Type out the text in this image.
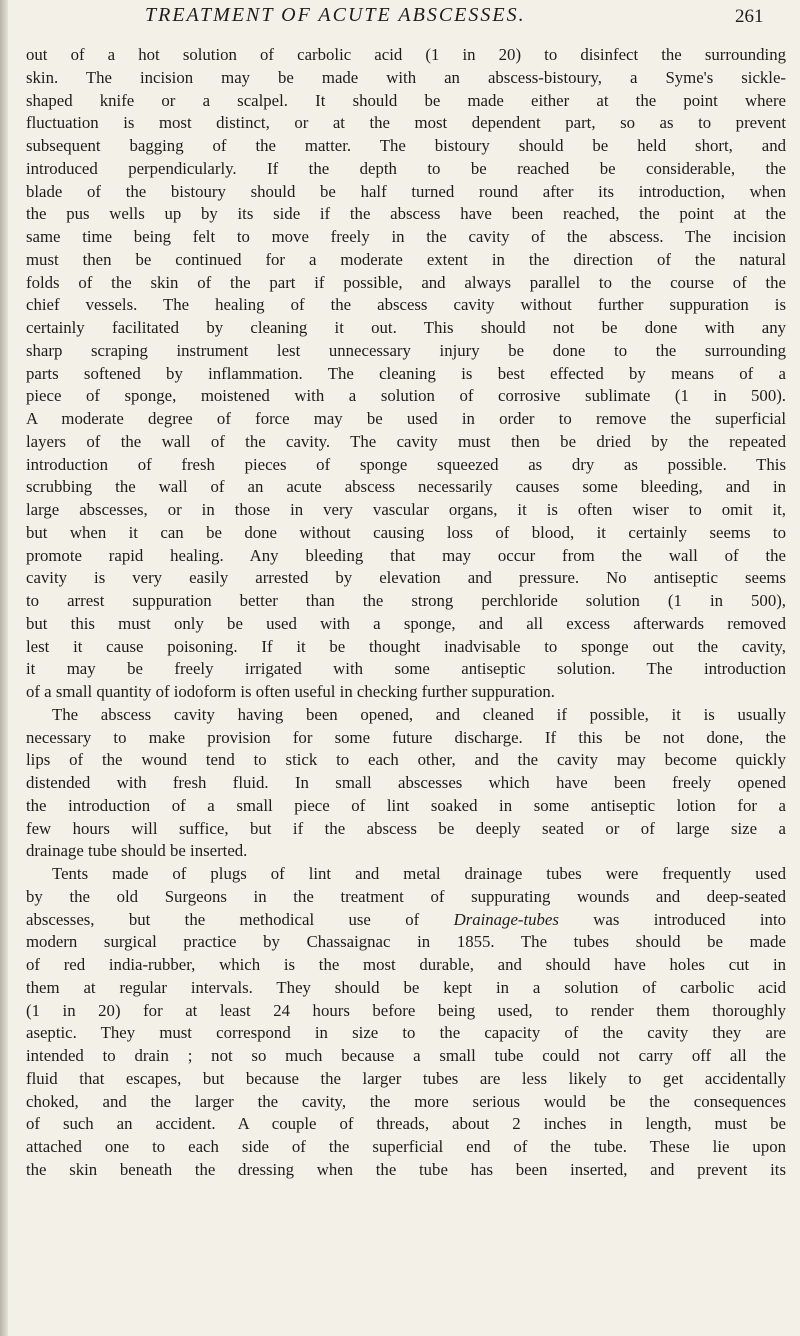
TREATMENT OF ACUTE ABSCESSES.	261
out of a hot solution of carbolic acid (1 in 20) to disinfect the surrounding
skin. The incision may be made with an abscess-bistoury, a Syme's sickle-
shaped knife or a scalpel. It should be made either at the point where
fluctuation is most distinct, or at the most dependent part, so as to prevent
subsequent bagging of the matter. The bistoury should be held short, and
introduced perpendicularly. If the depth to be reached be considerable, the
blade of the bistoury should be half turned round after its introduction, when
the pus wells up by its side if the abscess have been reached, the point at the
same time being felt to move freely in the cavity of the abscess. The incision
must then be continued for a moderate extent in the direction of the natural
folds of the skin of the part if possible, and always parallel to the course of the
chief vessels. The healing of the abscess cavity without further suppuration is
certainly facilitated by cleaning it out. This should not be done with any
sharp scraping instrument lest unnecessary injury be done to the surrounding
parts softened by inflammation. The cleaning is best effected by means of a
piece of sponge, moistened with a solution of corrosive sublimate (1 in 500).
A moderate degree of force may be used in order to remove the superficial
layers of the wall of the cavity. The cavity must then be dried by the repeated
introduction of fresh pieces of sponge squeezed as dry as possible. This
scrubbing the wall of an acute abscess necessarily causes some bleeding, and in
large abscesses, or in those in very vascular organs, it is often wiser to omit it,
but when it can be done without causing loss of blood, it certainly seems to
promote rapid healing. Any bleeding that may occur from the wall of the
cavity is very easily arrested by elevation and pressure. No antiseptic seems
to arrest suppuration better than the strong perchloride solution (1 in 500),
but this must only be used with a sponge, and all excess afterwards removed
lest it cause poisoning. If it be thought inadvisable to sponge out the cavity,
it may be freely irrigated with some antiseptic solution. The introduction
of a small quantity of iodoform is often useful in checking further suppuration.
The abscess cavity having been opened, and cleaned if possible, it is usually
necessary to make provision for some future discharge. If this be not done, the
lips of the wound tend to stick to each other, and the cavity may become quickly
distended with fresh fluid. In small abscesses which have been freely opened
the introduction of a small piece of lint soaked in some antiseptic lotion for a
few hours will suffice, but if the abscess be deeply seated or of large size a
drainage tube should be inserted.
Tents made of plugs of lint and metal drainage tubes were frequently used
by the old Surgeons in the treatment of suppurating wounds and deep-seated
abscesses, but the methodical use of Drainage-tubes was introduced into
modern surgical practice by Chassaignac in 1855. The tubes should be made
of red india-rubber, which is the most durable, and should have holes cut in
them at regular intervals. They should be kept in a solution of carbolic acid
(1 in 20) for at least 24 hours before being used, to render them thoroughly
aseptic. They must correspond in size to the capacity of the cavity they are
intended to drain ; not so much because a small tube could not carry off all the
fluid that escapes, but because the larger tubes are less likely to get accidentally
choked, and the larger the cavity, the more serious would be the consequences
of such an accident. A couple of threads, about 2 inches in length, must be
attached one to each side of the superficial end of the tube. These lie upon
the skin beneath the dressing when the tube has been inserted, and prevent its
